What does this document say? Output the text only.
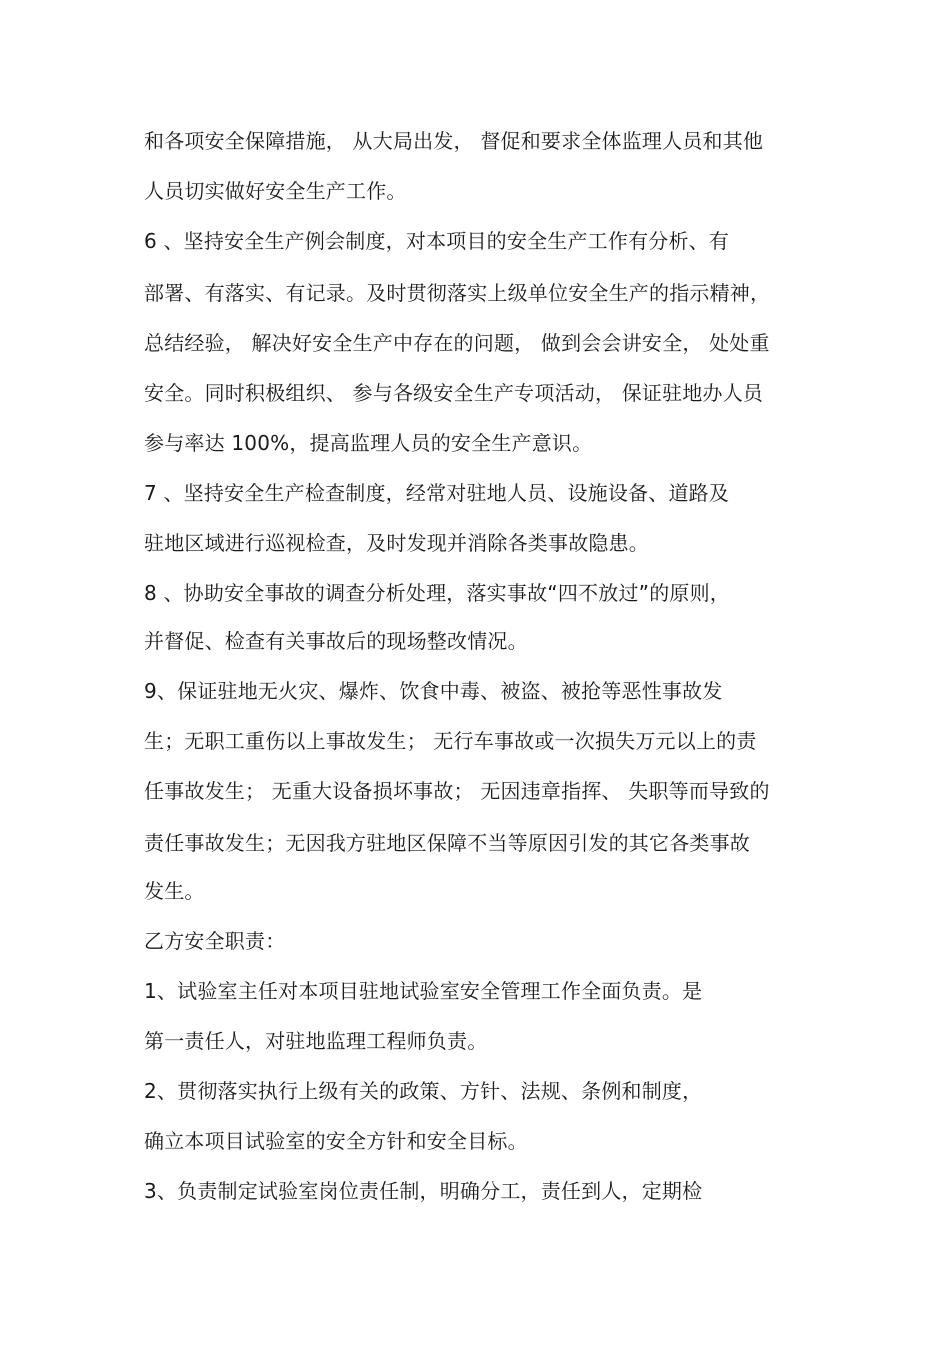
和各项安全保障措施， 从大局出发， 督促和要求全体监理人员和其他
人员切实做好安全生产工作。
6 、坚持安全生产例会制度，对本项目的安全生产工作有分析、有
部署、有落实、有记录。及时贯彻落实上级单位安全生产的指示精神，
总结经验， 解决好安全生产中存在的问题， 做到会会讲安全， 处处重
安全。同时积极组织、 参与各级安全生产专项活动， 保证驻地办人员
参与率达 100%，提高监理人员的安全生产意识。
7 、坚持安全生产检查制度，经常对驻地人员、设施设备、道路及
驻地区域进行巡视检查，及时发现并消除各类事故隐患。
8 、协助安全事故的调查分析处理，落实事故“四不放过”的原则，
并督促、检查有关事故后的现场整改情况。
9、保证驻地无火灾、爆炸、饮食中毒、被盗、被抢等恶性事故发
生；无职工重伤以上事故发生； 无行车事故或一次损失万元以上的责
任事故发生； 无重大设备损坏事故； 无因违章指挥、 失职等而导致的
责任事故发生；无因我方驻地区保障不当等原因引发的其它各类事故
发生。
乙方安全职责：
1、试验室主任对本项目驻地试验室安全管理工作全面负责。是
第一责任人，对驻地监理工程师负责。
2、贯彻落实执行上级有关的政策、方针、法规、条例和制度，
确立本项目试验室的安全方针和安全目标。
3、负责制定试验室岗位责任制，明确分工，责任到人，定期检
